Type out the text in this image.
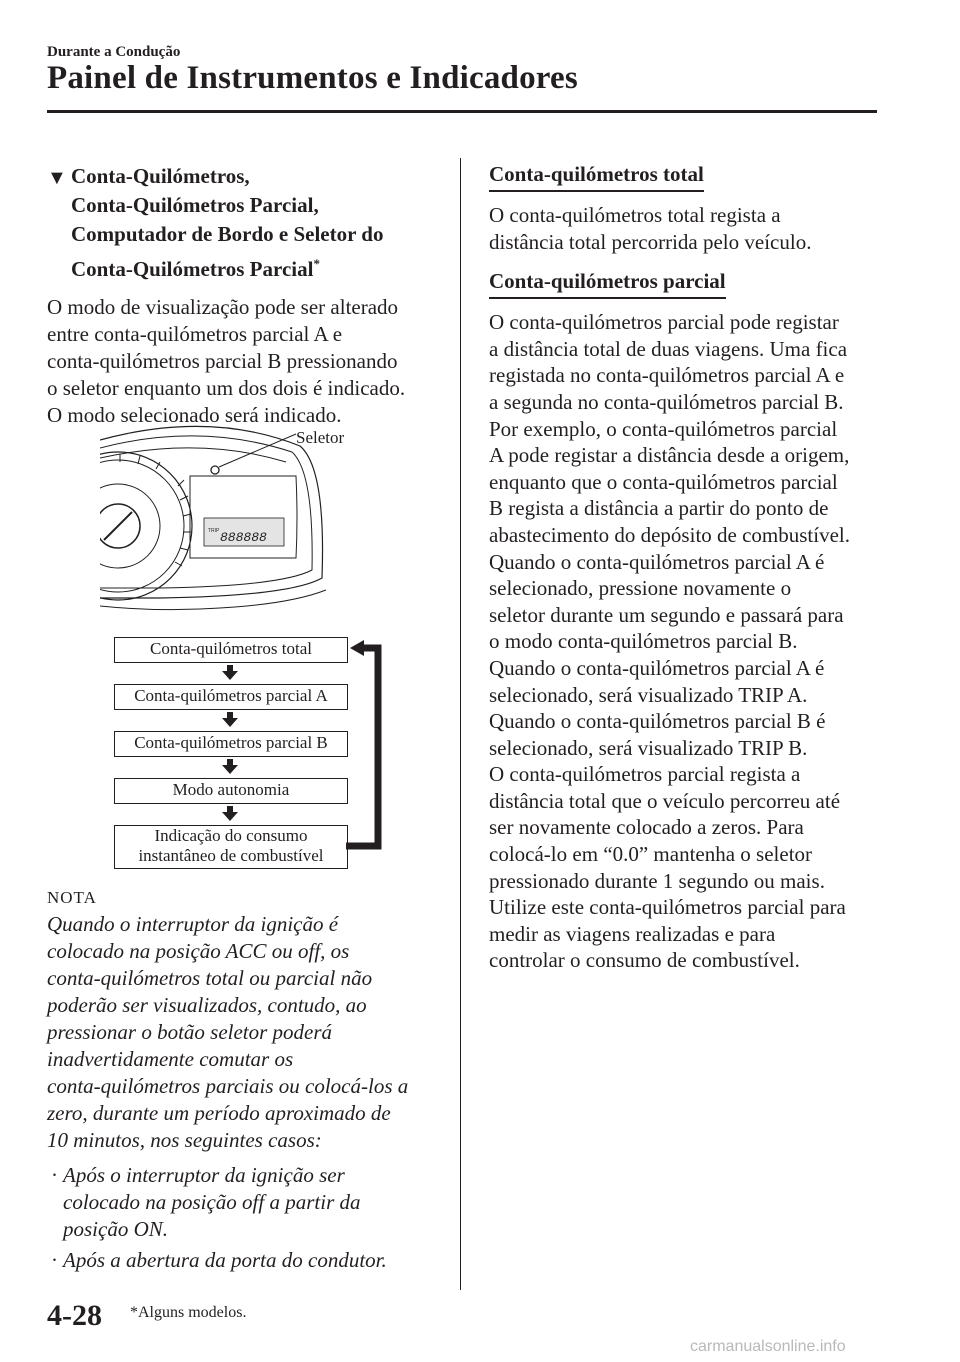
Durante a Condução
Painel de Instrumentos e Indicadores
▼ Conta-Quilómetros,
Conta-Quilómetros Parcial,
Computador de Bordo e Seletor do
Conta-Quilómetros Parcial*
O modo de visualização pode ser alterado
entre conta-quilómetros parcial A e
conta-quilómetros parcial B pressionando
o seletor enquanto um dos dois é indicado.
O modo selecionado será indicado.
TRIP 888888
Seletor
Conta-quilómetros total
Conta-quilómetros parcial A
Conta-quilómetros parcial B
Modo autonomia
Indicação do consumo
instantâneo de combustível
NOTA
Quando o interruptor da ignição é
colocado na posição ACC ou off, os
conta-quilómetros total ou parcial não
poderão ser visualizados, contudo, ao
pressionar o botão seletor poderá
inadvertidamente comutar os
conta-quilómetros parciais ou colocá-los a
zero, durante um período aproximado de
10 minutos, nos seguintes casos:
· Após o interruptor da ignição ser
colocado na posição off a partir da
posição ON.
· Após a abertura da porta do condutor.
Conta-quilómetros total

O conta-quilómetros total regista a

distância total percorrida pelo veículo.

Conta-quilómetros parcial

O conta-quilómetros parcial pode registar

a distância total de duas viagens. Uma fica

registada no conta-quilómetros parcial A e

a segunda no conta-quilómetros parcial B.

Por exemplo, o conta-quilómetros parcial

A pode registar a distância desde a origem,

enquanto que o conta-quilómetros parcial

B regista a distância a partir do ponto de

abastecimento do depósito de combustível.

Quando o conta-quilómetros parcial A é

selecionado, pressione novamente o

seletor durante um segundo e passará para

o modo conta-quilómetros parcial B.

Quando o conta-quilómetros parcial A é

selecionado, será visualizado TRIP A.

Quando o conta-quilómetros parcial B é

selecionado, será visualizado TRIP B.

O conta-quilómetros parcial regista a

distância total que o veículo percorreu até

ser novamente colocado a zeros. Para

colocá-lo em “0.0” mantenha o seletor

pressionado durante 1 segundo ou mais.

Utilize este conta-quilómetros parcial para

medir as viagens realizadas e para

controlar o consumo de combustível.

4-28 *Alguns modelos.
carmanualsonline.info
